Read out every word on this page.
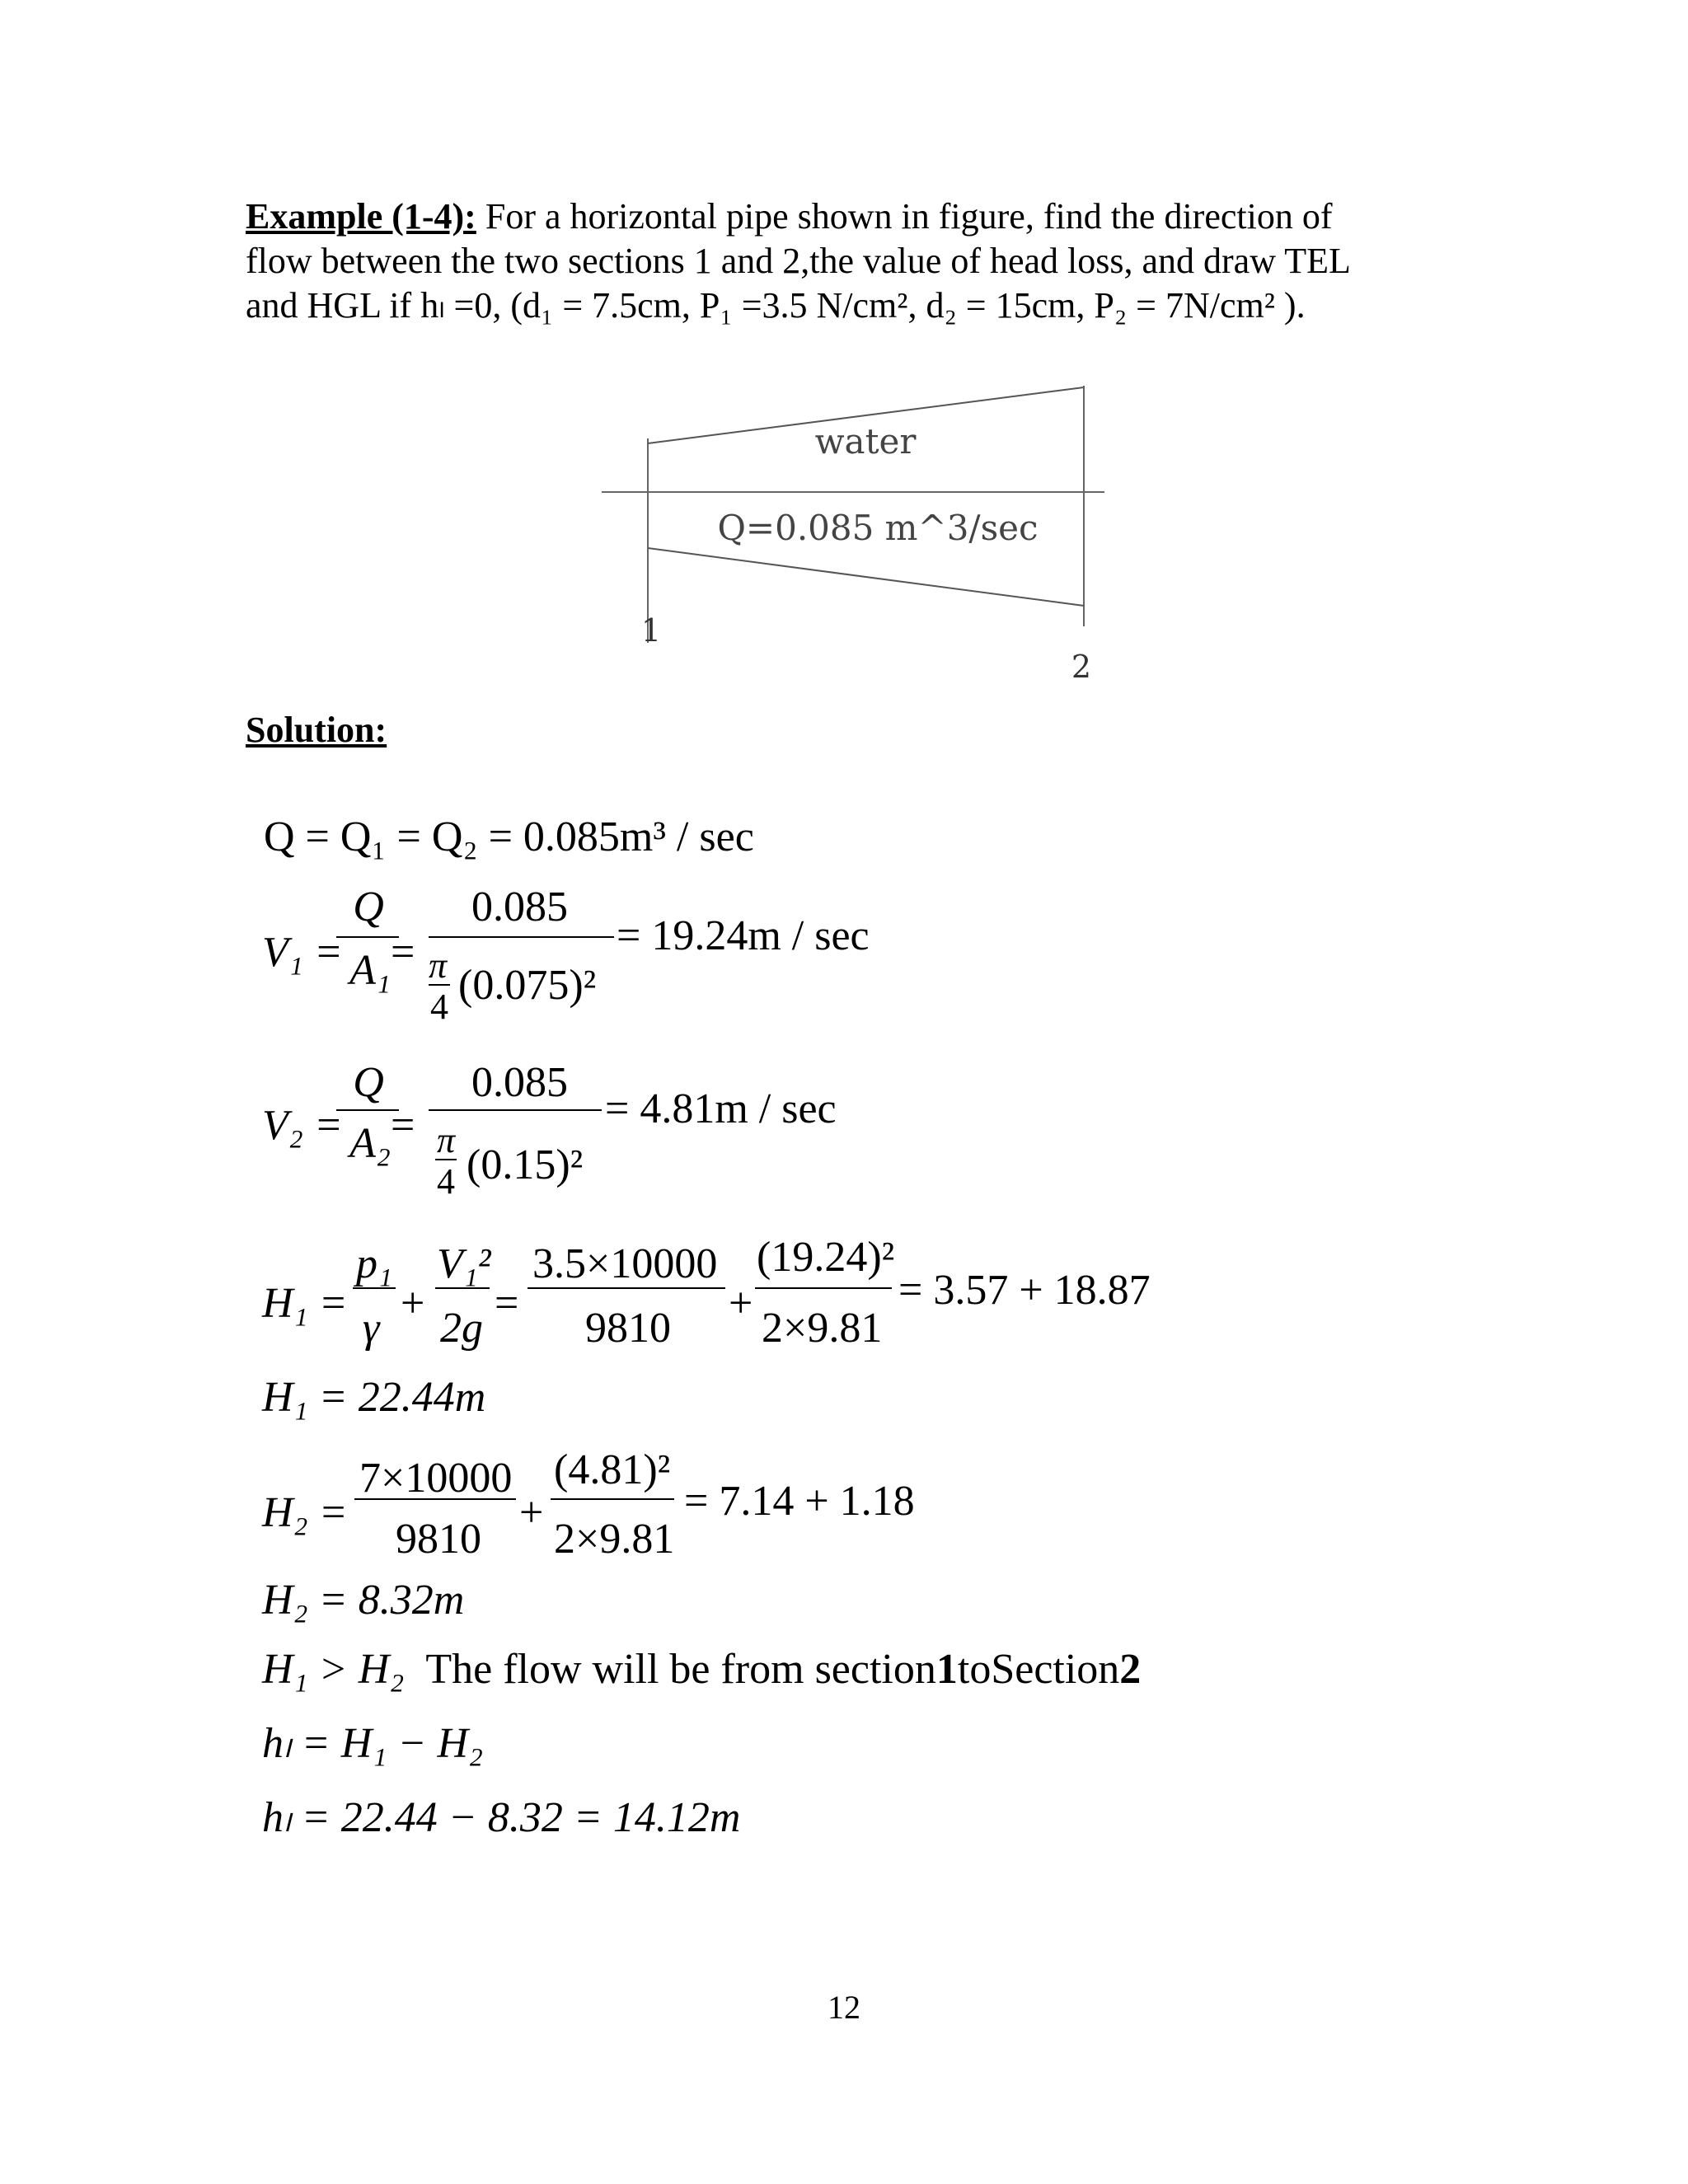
Example (1-4): For a horizontal pipe shown in figure, find the direction of

flow between the two sections 1 and 2,the value of head loss, and draw TEL

and HGL if hₗ =0, (d₁ = 7.5cm, P₁ =3.5 N/cm², d₂ = 15cm, P₂ = 7N/cm² ).

water
Q=0.085 m^3/sec
1
2
Solution:
Q = Q₁ = Q₂ = 0.085m³ / sec
V₁ =
Q
A₁ =
0.085
π
4 (0.075)²
= 19.24m / sec
V₂ =
Q
A₂ =
0.085
π
4 (0.15)²
= 4.81m / sec
H₁ =
p₁
γ
+
V₁²
2g
=
3.5×10000
9810
+
(19.24)²
2×9.81
= 3.57 + 18.87
H₁ = 22.44m
H₂ =
7×10000
9810
+
(4.81)²
2×9.81
= 7.14 + 1.18
H₂ = 8.32m
H₁ > H₂ The flow will be from section1toSection2
hₗ = H₁ − H₂
hₗ = 22.44 − 8.32 = 14.12m
12
